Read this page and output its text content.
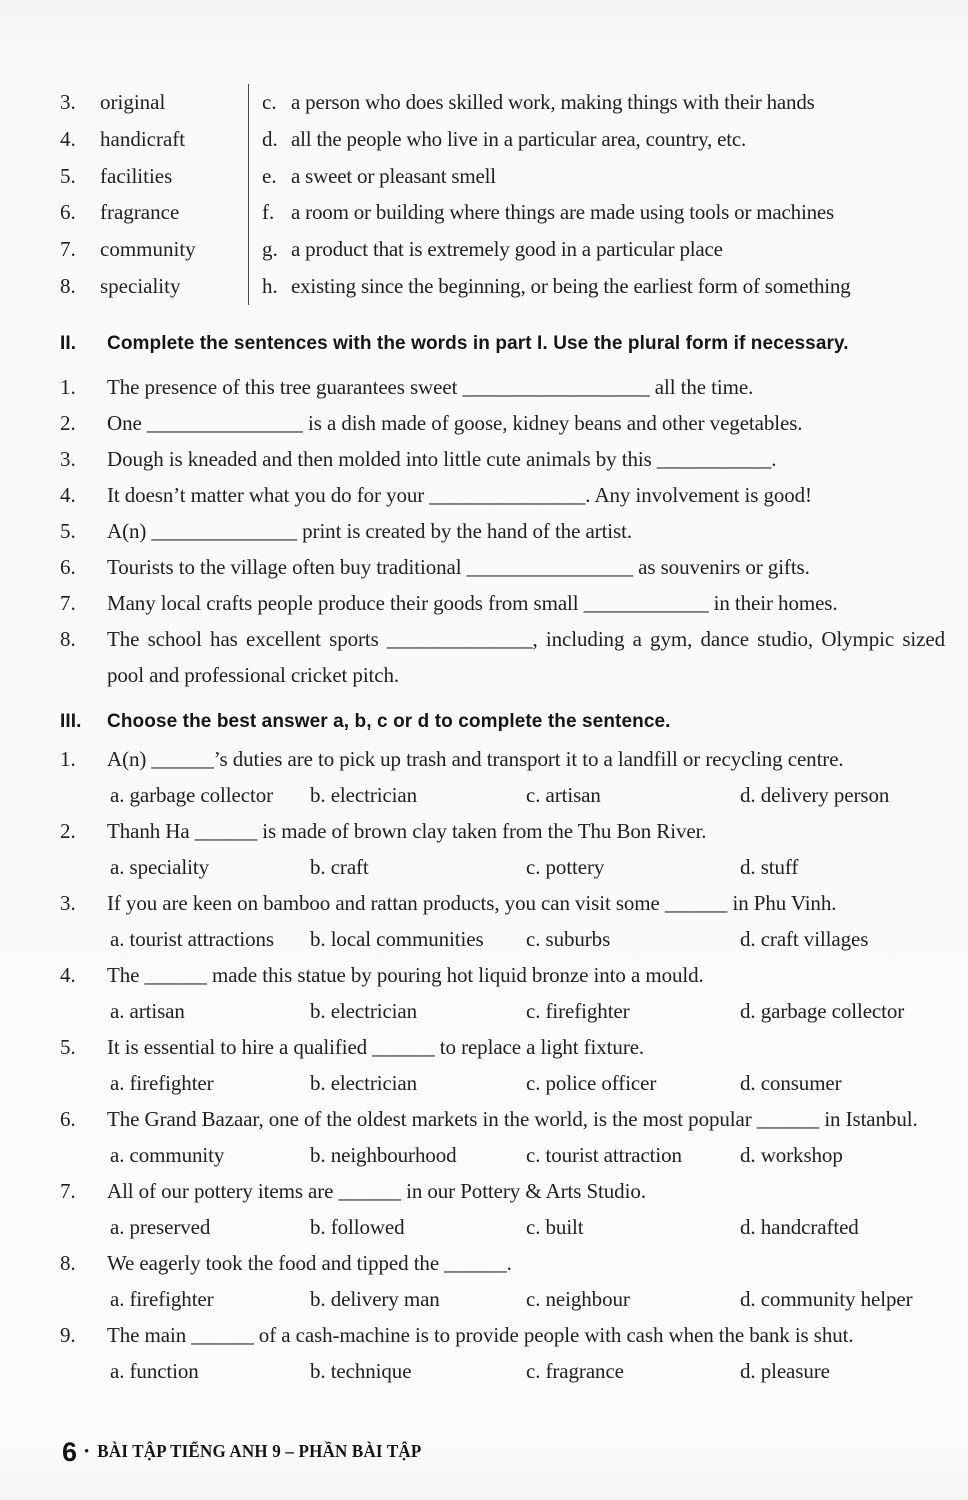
3.	original	c. a person who does skilled work, making things with their hands
4.	handicraft	d. all the people who live in a particular area, country, etc.
5.	facilities	e. a sweet or pleasant smell
6.	fragrance	f. a room or building where things are made using tools or machines
7.	community	g. a product that is extremely good in a particular place
8.	speciality	h. existing since the beginning, or being the earliest form of something
II.	Complete the sentences with the words in part I. Use the plural form if necessary.
1.	The presence of this tree guarantees sweet __________________ all the time.
2.	One _______________ is a dish made of goose, kidney beans and other vegetables.
3.	Dough is kneaded and then molded into little cute animals by this ___________.
4.	It doesn’t matter what you do for your _______________. Any involvement is good!
5.	A(n) ______________ print is created by the hand of the artist.
6.	Tourists to the village often buy traditional ________________ as souvenirs or gifts.
7.	Many local crafts people produce their goods from small ____________ in their homes.
8.	The school has excellent sports ______________, including a gym, dance studio, Olympic sized pool and professional cricket pitch.
III.	Choose the best answer a, b, c or d to complete the sentence.
1.	A(n) ______’s duties are to pick up trash and transport it to a landfill or recycling centre.
a. garbage collector	b. electrician	c. artisan	d. delivery person
2.	Thanh Ha ______ is made of brown clay taken from the Thu Bon River.
a. speciality	b. craft	c. pottery	d. stuff
3.	If you are keen on bamboo and rattan products, you can visit some ______ in Phu Vinh.
a. tourist attractions	b. local communities	c. suburbs	d. craft villages
4.	The ______ made this statue by pouring hot liquid bronze into a mould.
a. artisan	b. electrician	c. firefighter	d. garbage collector
5.	It is essential to hire a qualified ______ to replace a light fixture.
a. firefighter	b. electrician	c. police officer	d. consumer
6.	The Grand Bazaar, one of the oldest markets in the world, is the most popular ______ in Istanbul.
a. community	b. neighbourhood	c. tourist attraction	d. workshop
7.	All of our pottery items are ______ in our Pottery & Arts Studio.
a. preserved	b. followed	c. built	d. handcrafted
8.	We eagerly took the food and tipped the ______.
a. firefighter	b. delivery man	c. neighbour	d. community helper
9.	The main ______ of a cash-machine is to provide people with cash when the bank is shut.
a. function	b. technique	c. fragrance	d. pleasure
6 • BÀI TẬP TIẾNG ANH 9 – PHẦN BÀI TẬP
